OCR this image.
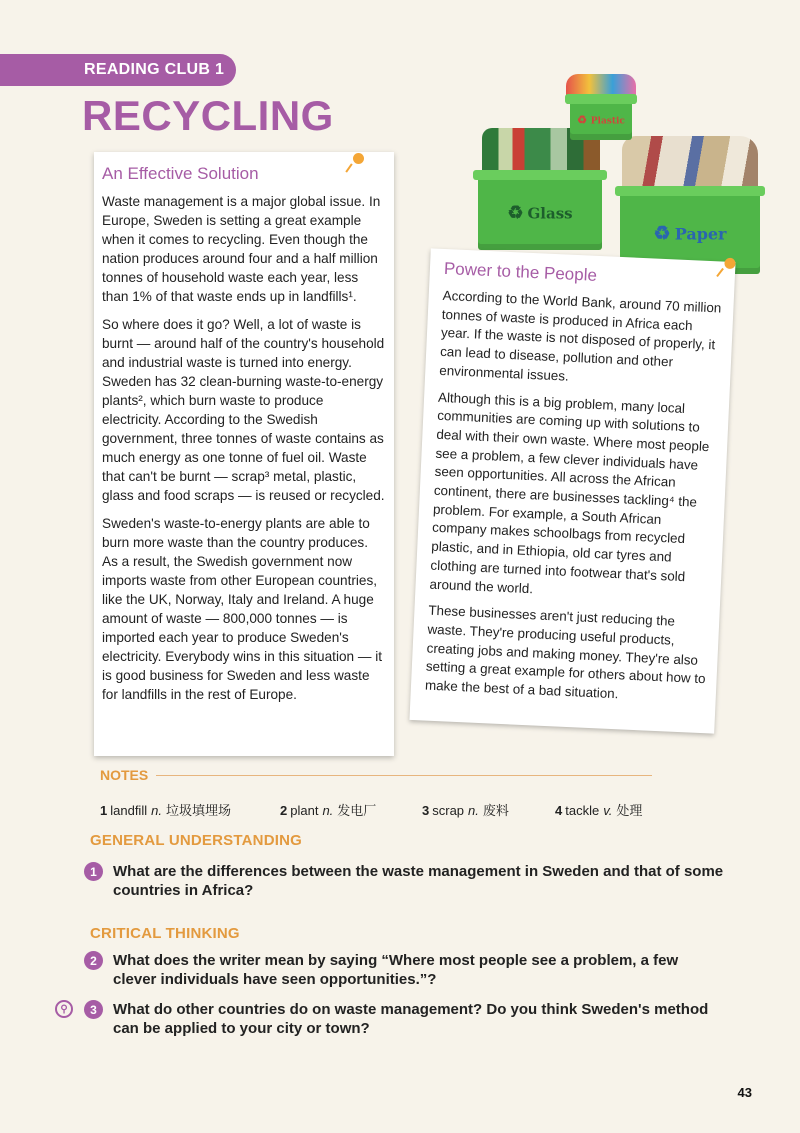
READING CLUB 1
RECYCLING	♻ Plastic
♻ Glass
♻ Paper
An Effective Solution

Waste management is a major global issue. In Europe, Sweden is setting a great example when it comes to recycling. Even though the nation produces around four and a half million tonnes of household waste each year, less than 1% of that waste ends up in landfills¹.

So where does it go? Well, a lot of waste is burnt — around half of the country's household and industrial waste is turned into energy. Sweden has 32 clean-burning waste-to-energy plants², which burn waste to produce electricity. According to the Swedish government, three tonnes of waste contains as much energy as one tonne of fuel oil. Waste that can't be burnt — scrap³ metal, plastic, glass and food scraps — is reused or recycled.

Sweden's waste-to-energy plants are able to burn more waste than the country produces. As a result, the Swedish government now imports waste from other European countries, like the UK, Norway, Italy and Ireland. A huge amount of waste — 800,000 tonnes — is imported each year to produce Sweden's electricity. Everybody wins in this situation — it is good business for Sweden and less waste for landfills in the rest of Europe.

Power to the People

According to the World Bank, around 70 million tonnes of waste is produced in Africa each year. If the waste is not disposed of properly, it can lead to disease, pollution and other environmental issues.

Although this is a big problem, many local communities are coming up with solutions to deal with their own waste. Where most people see a problem, a few clever individuals have seen opportunities. All across the African continent, there are businesses tackling⁴ the problem. For example, a South African company makes schoolbags from recycled plastic, and in Ethiopia, old car tyres and clothing are turned into footwear that's sold around the world.

These businesses aren't just reducing the waste. They're producing useful products, creating jobs and making money. They're also setting a great example for others about how to make the best of a bad situation.

NOTES
1 landfill n. 垃圾填埋场	2 plant n. 发电厂	3 scrap n. 废料	4 tackle v. 处理
GENERAL UNDERSTANDING
1	What are the differences between the waste management in Sweden and that of some countries in Africa?
CRITICAL THINKING
2	What does the writer mean by saying “Where most people see a problem, a few clever individuals have seen opportunities.”?
⚲	3	What do other countries do on waste management? Do you think Sweden's method can be applied to your city or town?
43
